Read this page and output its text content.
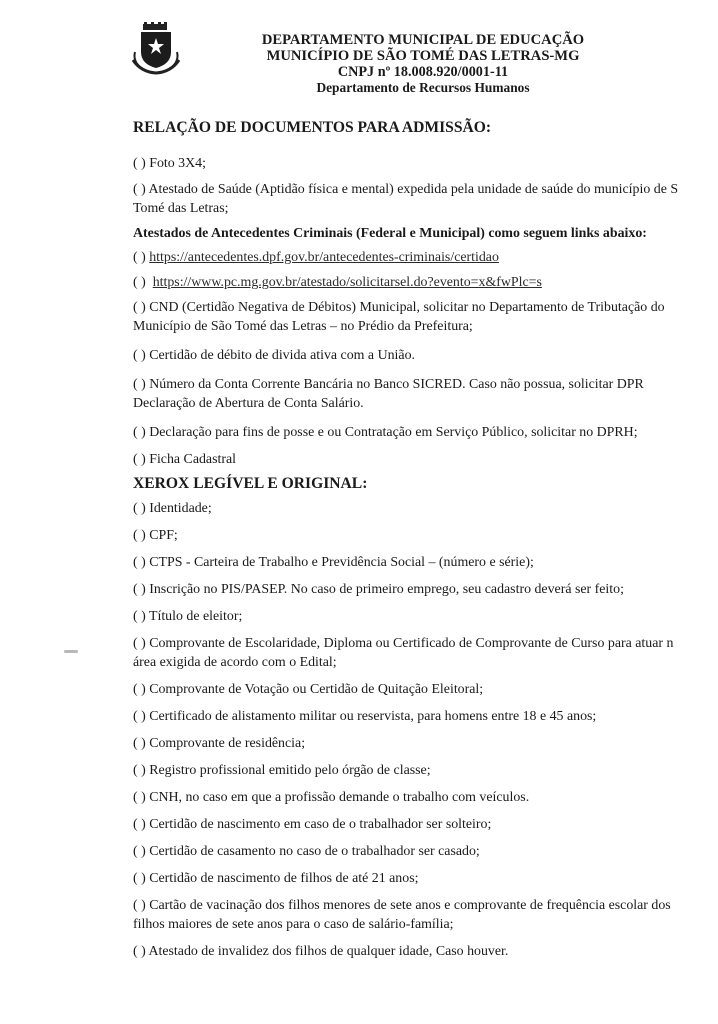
DEPARTAMENTO MUNICIPAL DE EDUCAÇÃO
MUNICÍPIO DE SÃO TOMÉ DAS LETRAS-MG
CNPJ nº 18.008.920/0001-11
Departamento de Recursos Humanos
RELAÇÃO DE DOCUMENTOS PARA ADMISSÃO:
( ) Foto 3X4;
( ) Atestado de Saúde (Aptidão física e mental) expedida pela unidade de saúde do município de S
Tomé das Letras;
Atestados de Antecedentes Criminais (Federal e Municipal) como seguem links abaixo:
( ) https://antecedentes.dpf.gov.br/antecedentes-criminais/certidao
( ) https://www.pc.mg.gov.br/atestado/solicitarsel.do?evento=x&fwPlc=s
( ) CND (Certidão Negativa de Débitos) Municipal, solicitar no Departamento de Tributação do
Município de São Tomé das Letras – no Prédio da Prefeitura;
( ) Certidão de débito de divida ativa com a União.
( ) Número da Conta Corrente Bancária no Banco SICRED. Caso não possua, solicitar DPR
Declaração de Abertura de Conta Salário.
( ) Declaração para fins de posse e ou Contratação em Serviço Público, solicitar no DPRH;
( ) Ficha Cadastral
XEROX LEGÍVEL E ORIGINAL:
( ) Identidade;
( ) CPF;
( ) CTPS - Carteira de Trabalho e Previdência Social – (número e série);
( ) Inscrição no PIS/PASEP. No caso de primeiro emprego, seu cadastro deverá ser feito;
( ) Título de eleitor;
( ) Comprovante de Escolaridade, Diploma ou Certificado de Comprovante de Curso para atuar n
área exigida de acordo com o Edital;
( ) Comprovante de Votação ou Certidão de Quitação Eleitoral;
( ) Certificado de alistamento militar ou reservista, para homens entre 18 e 45 anos;
( ) Comprovante de residência;
( ) Registro profissional emitido pelo órgão de classe;
( ) CNH, no caso em que a profissão demande o trabalho com veículos.
( ) Certidão de nascimento em caso de o trabalhador ser solteiro;
( ) Certidão de casamento no caso de o trabalhador ser casado;
( ) Certidão de nascimento de filhos de até 21 anos;
( ) Cartão de vacinação dos filhos menores de sete anos e comprovante de frequência escolar dos
filhos maiores de sete anos para o caso de salário-família;
( ) Atestado de invalidez dos filhos de qualquer idade, Caso houver.
